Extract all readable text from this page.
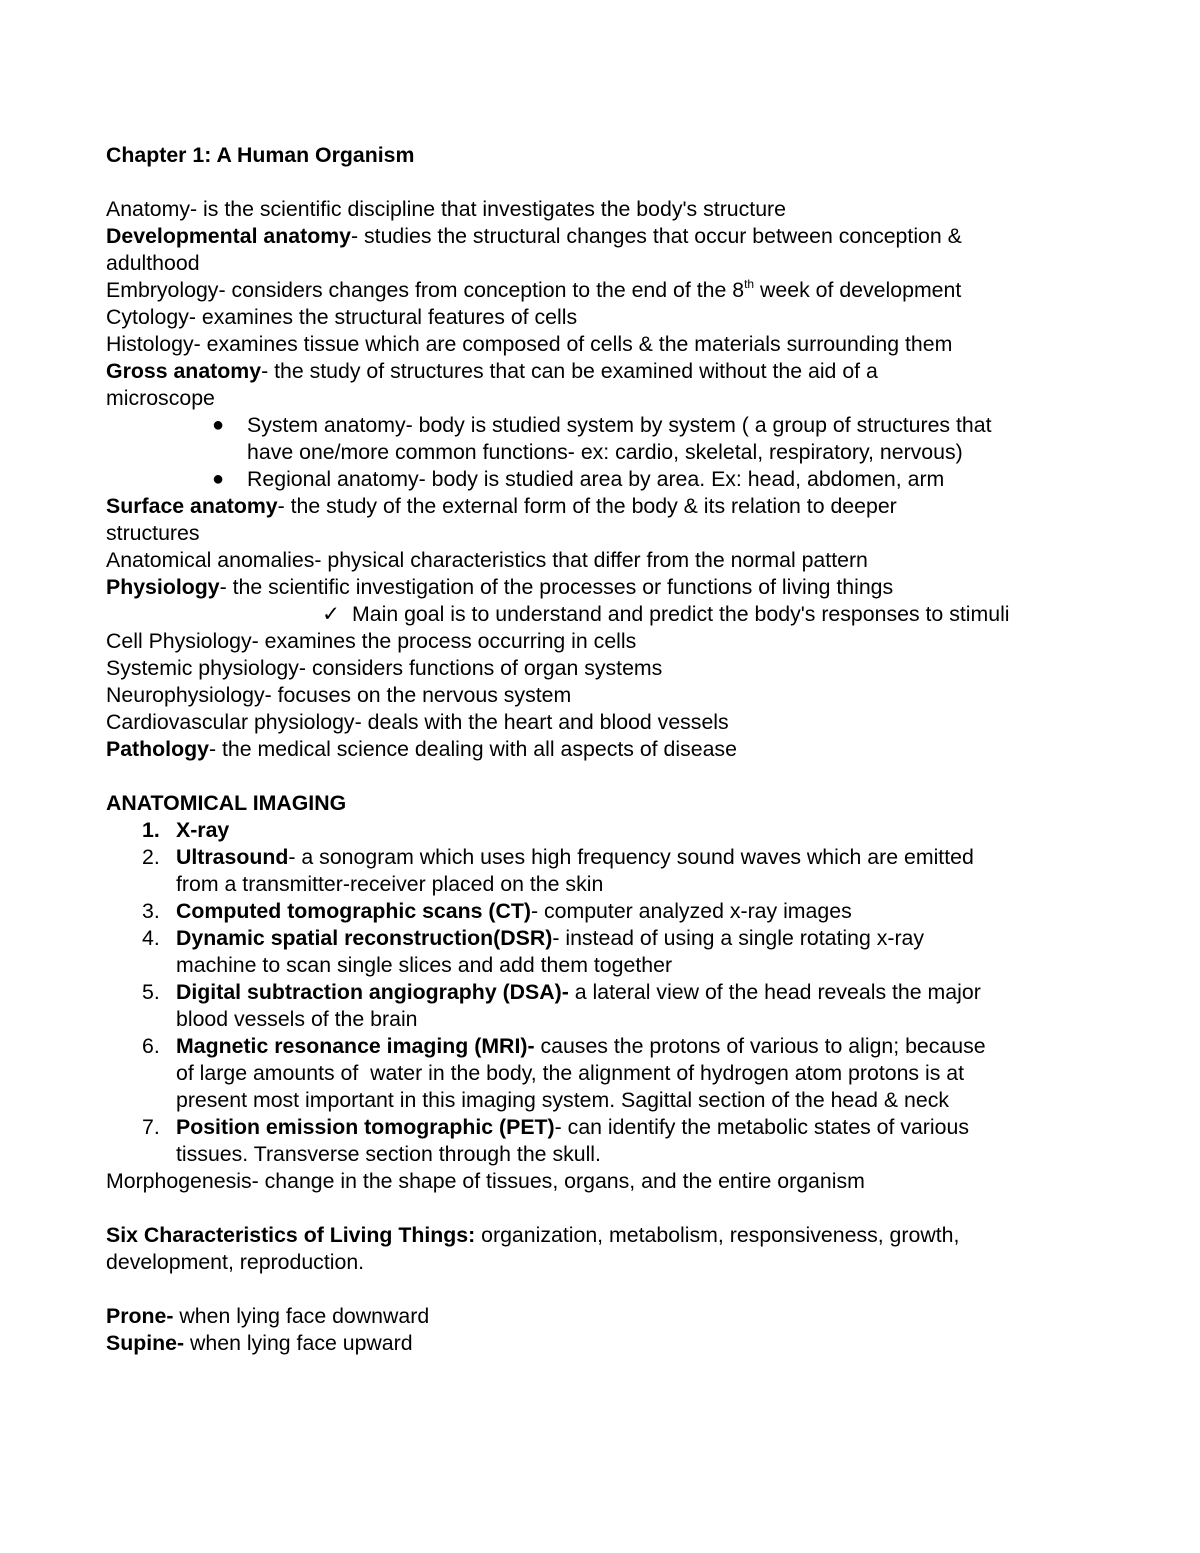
Chapter 1: A Human Organism
Anatomy- is the scientific discipline that investigates the body's structure
Developmental anatomy- studies the structural changes that occur between conception &
adulthood
Embryology- considers changes from conception to the end of the 8th week of development
Cytology- examines the structural features of cells
Histology- examines tissue which are composed of cells & the materials surrounding them
Gross anatomy- the study of structures that can be examined without the aid of a
microscope
● System anatomy- body is studied system by system ( a group of structures that
have one/more common functions- ex: cardio, skeletal, respiratory, nervous)
● Regional anatomy- body is studied area by area. Ex: head, abdomen, arm
Surface anatomy- the study of the external form of the body & its relation to deeper
structures
Anatomical anomalies- physical characteristics that differ from the normal pattern
Physiology- the scientific investigation of the processes or functions of living things
✓ Main goal is to understand and predict the body's responses to stimuli
Cell Physiology- examines the process occurring in cells
Systemic physiology- considers functions of organ systems
Neurophysiology- focuses on the nervous system
Cardiovascular physiology- deals with the heart and blood vessels
Pathology- the medical science dealing with all aspects of disease
ANATOMICAL IMAGING
1. X-ray
2. Ultrasound- a sonogram which uses high frequency sound waves which are emitted
from a transmitter-receiver placed on the skin
3. Computed tomographic scans (CT)- computer analyzed x-ray images
4. Dynamic spatial reconstruction(DSR)- instead of using a single rotating x-ray
machine to scan single slices and add them together
5. Digital subtraction angiography (DSA)- a lateral view of the head reveals the major
blood vessels of the brain
6. Magnetic resonance imaging (MRI)- causes the protons of various to align; because
of large amounts of  water in the body, the alignment of hydrogen atom protons is at
present most important in this imaging system. Sagittal section of the head & neck
7. Position emission tomographic (PET)- can identify the metabolic states of various
tissues. Transverse section through the skull.
Morphogenesis- change in the shape of tissues, organs, and the entire organism
Six Characteristics of Living Things: organization, metabolism, responsiveness, growth,
development, reproduction.
Prone- when lying face downward
Supine- when lying face upward
